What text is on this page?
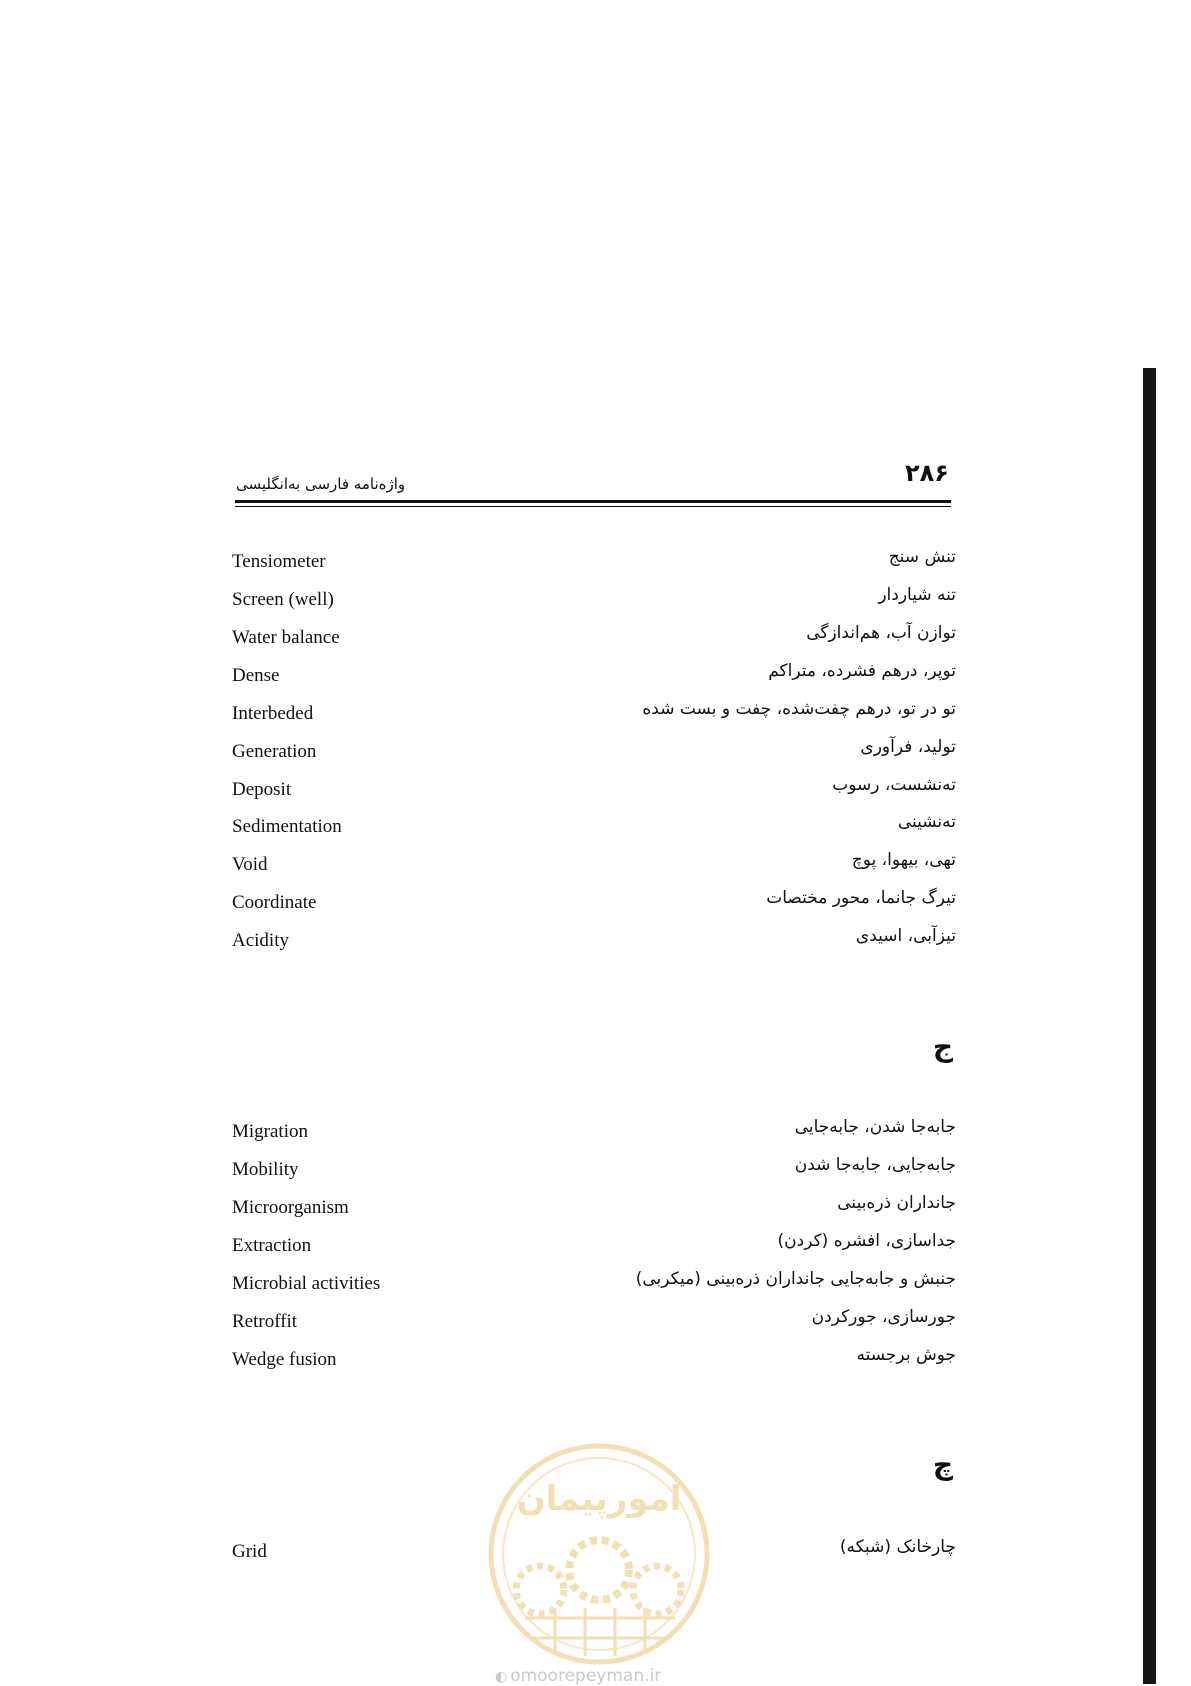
۲۸۶
واژه‌نامه فارسی به‌انگلیسی
تنش سنج
Tensiometer
تنه شیاردار
Screen (well)
توازن آب، هم‌اندازگی
Water balance
توپر، درهم فشرده، متراکم
Dense
تو در تو، درهم چفت‌شده، چفت و بست شده
Interbeded
تولید، فرآوری
Generation
ته‌نشست، رسوب
Deposit
ته‌نشینی
Sedimentation
تهی، بیهوا، پوچ
Void
تیرگ جانما، محور مختصات
Coordinate
تیزآبی، اسیدی
Acidity
ج
جابه‌جا شدن، جابه‌جایی
Migration
جابه‌جایی، جابه‌جا شدن
Mobility
جانداران ذره‌بینی
Microorganism
جداسازی، افشره (کردن)
Extraction
جنبش و جابه‌جایی جانداران ذره‌بینی (میکربی)
Microbial activities
جورسازی، جورکردن
Retroffit
جوش برجسته
Wedge fusion
چ
چارخانک (شبکه)
Grid
امورپیمان
◐ omoorepeyman.ir
